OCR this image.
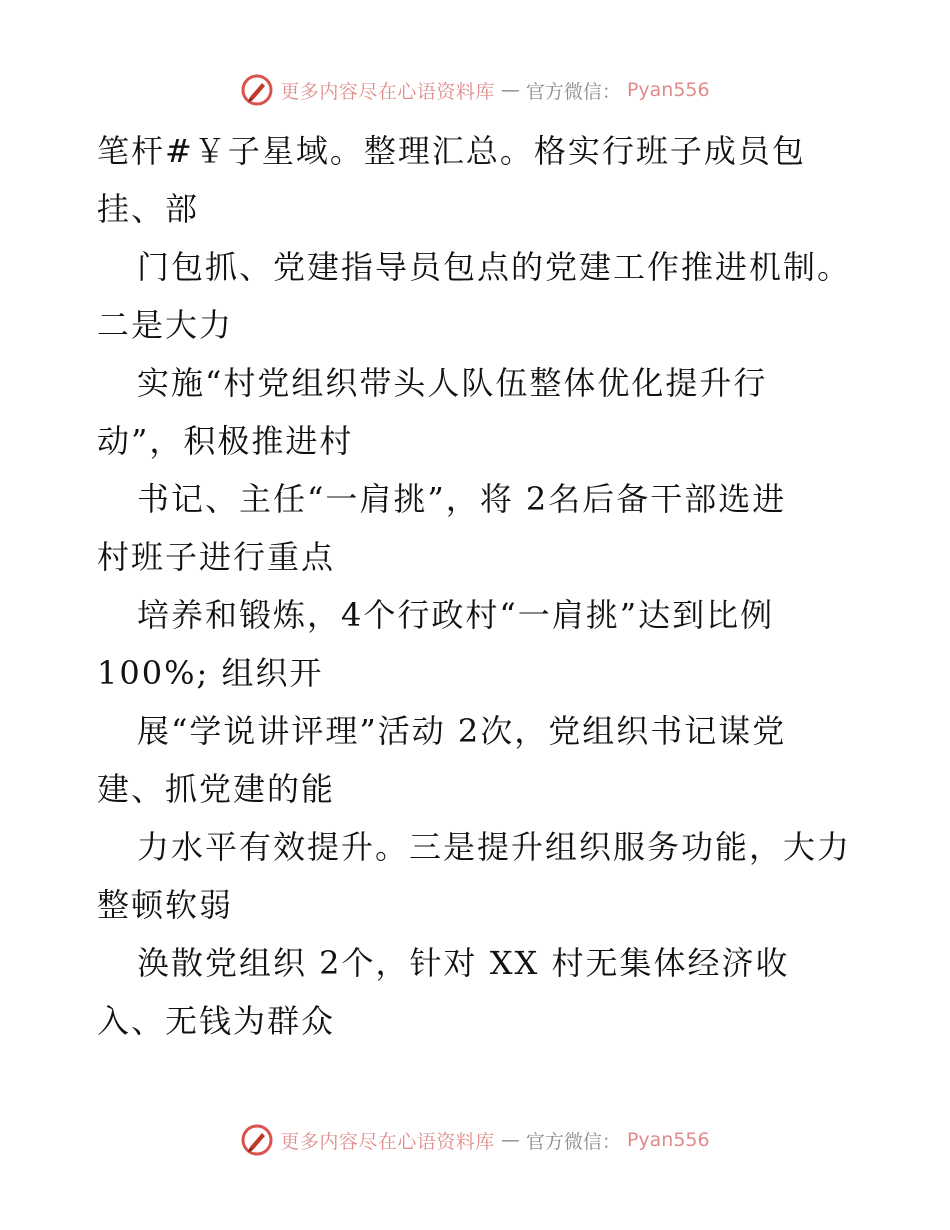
更多内容尽在心语资料库 — 官方微信： Pyan556
笔杆#￥子星域。整理汇总。格实行班子成员包
挂、部
门包抓、党建指导员包点的党建工作推进机制。
二是大力
实施“村党组织带头人队伍整体优化提升行
动”，积极推进村
书记、主任“一肩挑”，将 2名后备干部选进
村班子进行重点
培养和锻炼，4个行政村“一肩挑”达到比例
100%; 组织开
展“学说讲评理”活动 2次，党组织书记谋党
建、抓党建的能
力水平有效提升。三是提升组织服务功能，大力
整顿软弱
涣散党组织 2个，针对 XX 村无集体经济收
入、无钱为群众
更多内容尽在心语资料库 — 官方微信： Pyan556
